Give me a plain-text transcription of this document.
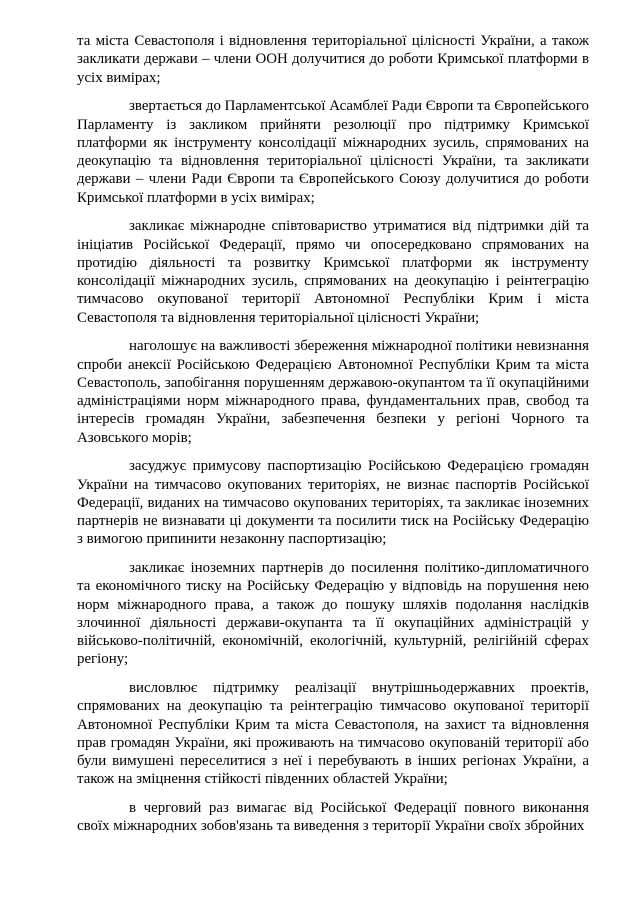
та міста Севастополя і відновлення територіальної цілісності України, а також закликати держави – члени ООН долучитися до роботи Кримської платформи в усіх вимірах;

звертається до Парламентської Асамблеї Ради Європи та Європейського Парламенту із закликом прийняти резолюції про підтримку Кримської платформи як інструменту консолідації міжнародних зусиль, спрямованих на деокупацію та відновлення територіальної цілісності України, та закликати держави – члени Ради Європи та Європейського Союзу долучитися до роботи Кримської платформи в усіх вимірах;

закликає міжнародне співтовариство утриматися від підтримки дій та ініціатив Російської Федерації, прямо чи опосередковано спрямованих на протидію діяльності та розвитку Кримської платформи як інструменту консолідації міжнародних зусиль, спрямованих на деокупацію і реінтеграцію тимчасово окупованої території Автономної Республіки Крим і міста Севастополя та відновлення територіальної цілісності України;

наголошує на важливості збереження міжнародної політики невизнання спроби анексії Російською Федерацією Автономної Республіки Крим та міста Севастополь, запобігання порушенням державою-окупантом та її окупаційними адміністраціями норм міжнародного права, фундаментальних прав, свобод та інтересів громадян України, забезпечення безпеки у регіоні Чорного та Азовського морів;

засуджує примусову паспортизацію Російською Федерацією громадян України на тимчасово окупованих територіях, не визнає паспортів Російської Федерації, виданих на тимчасово окупованих територіях, та закликає іноземних партнерів не визнавати ці документи та посилити тиск на Російську Федерацію з вимогою припинити незаконну паспортизацію;

закликає іноземних партнерів до посилення політико-дипломатичного та економічного тиску на Російську Федерацію у відповідь на порушення нею норм міжнародного права, а також до пошуку шляхів подолання наслідків злочинної діяльності держави-окупанта та її окупаційних адміністрацій у військово-політичній, економічній, екологічній, культурній, релігійній сферах регіону;

висловлює підтримку реалізації внутрішньодержавних проектів, спрямованих на деокупацію та реінтеграцію тимчасово окупованої території Автономної Республіки Крим та міста Севастополя, на захист та відновлення прав громадян України, які проживають на тимчасово окупованій території або були вимушені переселитися з неї і перебувають в інших регіонах України, а також на зміцнення стійкості південних областей України;

в черговий раз вимагає від Російської Федерації повного виконання своїх міжнародних зобов'язань та виведення з території України своїх збройних
